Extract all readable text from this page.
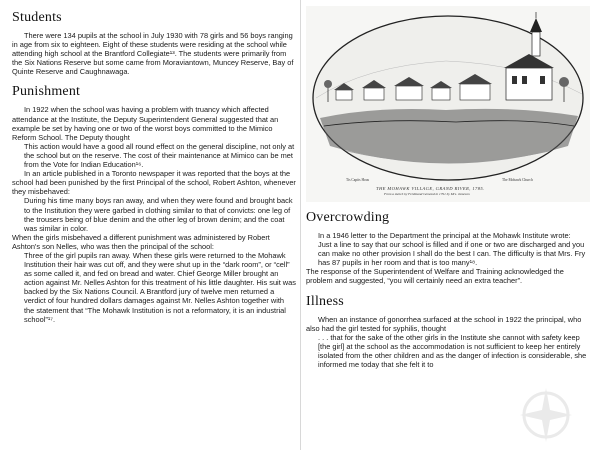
Students

There were 134 pupils at the school in July 1930 with 78 girls and 56 boys ranging in age from six to eighteen. Eight of these students were residing at the school while attending high school at the Brantford Collegiate¹³. The students were primarily from the Six Nations Reserve but some came from Moraviantown, Muncey Reserve, Bay of Quinte Reserve and Caughnawaga.

Punishment

In 1922 when the school was having a problem with truancy which affected attendance at the Institute, the Deputy Superintendent General suggested that an example be set by having one or two of the worst boys committed to the Mimico Reform School. The Deputy thought

This action would have a good all round effect on the general discipline, not only at the school but on the reserve. The cost of their maintenance at Mimico can be met from the Vote for Indian Education¹⁶.

In an article published in a Toronto newspaper it was reported that the boys at the school had been punished by the first Principal of the school, Robert Ashton, whenever they misbehaved:

During his time many boys ran away, and when they were found and brought back to the Institution they were garbed in clothing similar to that of convicts: one leg of the trousers being of blue denim and the other leg of brown denim; and the coat was similar in color.

When the girls misbehaved a different punishment was administered by Robert Ashton's son Nelles, who was then the principal of the school:

Three of the girl pupils ran away. When these girls were returned to the Mohawk Institution their hair was cut off, and they were shut up in the “dark room”, or “cell” as some called it, and fed on bread and water. Chief George Miller brought an action against Mr. Nelles Ashton for this treatment of his little daughter. His suit was backed by the Six Nations Council. A Brantford jury of twelve men returned a verdict of four hundred dollars damages against Mr. Nelles Ashton together with the statement that “The Mohawk Institution is not a reformatory, it is an industrial school”¹⁷.

Tis Capits Hous	The Mohawk Church
THE MOHAWK VILLAGE, GRAND RIVER, 1785.
From a sketch by Ferdinand Gemond in 1791 by Mrs. Jameson
Overcrowding

In a 1946 letter to the Department the principal at the Mohawk Institute wrote:

Just a line to say that our school is filled and if one or two are discharged and you can make no other provision I shall do the best I can. The difficulty is that Mrs. Fry has 87 pupils in her room and that is too many¹⁸.

The response of the Superintendent of Welfare and Training acknowledged the problem and suggested, “you will certainly need an extra teacher”.

Illness

When an instance of gonorrhea surfaced at the school in 1922 the principal, who also had the girl tested for syphilis, thought

. . . that for the sake of the other girls in the Institute she cannot with safety keep [the girl] at the school as the accommodation is not sufficient to keep her entirely isolated from the other children and as the danger of infection is considerable, she informed me today that she felt it to
